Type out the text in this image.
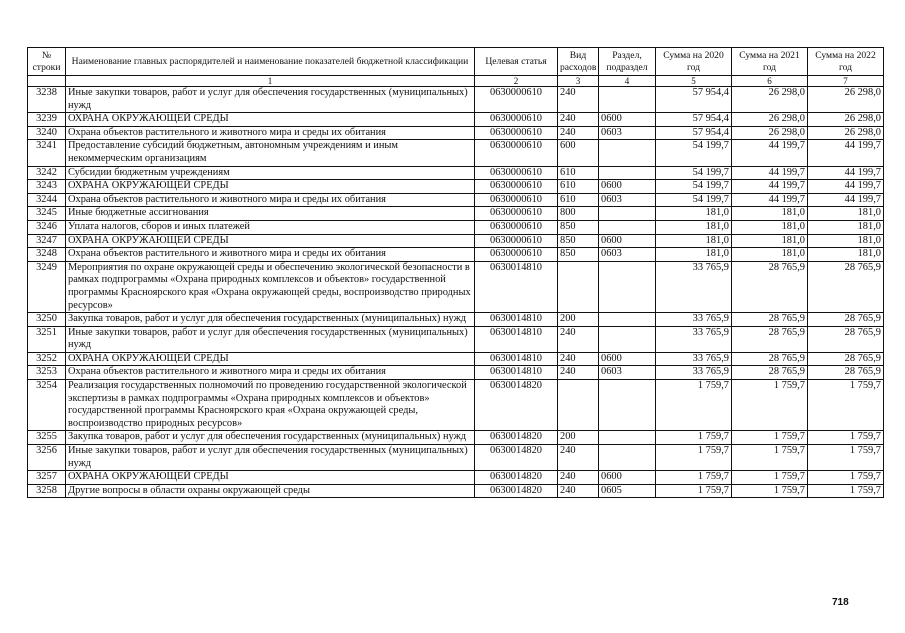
№ строки	Наименование главных распорядителей и наименование показателей бюджетной классификации	Целевая статья	Вид расходов	Раздел, подраздел	Сумма на 2020 год	Сумма на 2021 год	Сумма на 2022 год
	1	2	3	4	5	6	7
3238	Иные закупки товаров, работ и услуг для обеспечения государственных (муниципальных) нужд	0630000610	240		57 954,4	26 298,0	26 298,0
3239	ОХРАНА ОКРУЖАЮЩЕЙ СРЕДЫ	0630000610	240	0600	57 954,4	26 298,0	26 298,0
3240	Охрана объектов растительного и животного мира и среды их обитания	0630000610	240	0603	57 954,4	26 298,0	26 298,0
3241	Предоставление субсидий бюджетным, автономным учреждениям и иным некоммерческим организациям	0630000610	600		54 199,7	44 199,7	44 199,7
3242	Субсидии бюджетным учреждениям	0630000610	610		54 199,7	44 199,7	44 199,7
3243	ОХРАНА ОКРУЖАЮЩЕЙ СРЕДЫ	0630000610	610	0600	54 199,7	44 199,7	44 199,7
3244	Охрана объектов растительного и животного мира и среды их обитания	0630000610	610	0603	54 199,7	44 199,7	44 199,7
3245	Иные бюджетные ассигнования	0630000610	800		181,0	181,0	181,0
3246	Уплата налогов, сборов и иных платежей	0630000610	850		181,0	181,0	181,0
3247	ОХРАНА ОКРУЖАЮЩЕЙ СРЕДЫ	0630000610	850	0600	181,0	181,0	181,0
3248	Охрана объектов растительного и животного мира и среды их обитания	0630000610	850	0603	181,0	181,0	181,0
3249	Мероприятия по охране окружающей среды и обеспечению экологической безопасности в рамках подпрограммы «Охрана природных комплексов и объектов» государственной программы Красноярского края «Охрана окружающей среды, воспроизводство природных ресурсов»	0630014810			33 765,9	28 765,9	28 765,9
3250	Закупка товаров, работ и услуг для обеспечения государственных (муниципальных) нужд	0630014810	200		33 765,9	28 765,9	28 765,9
3251	Иные закупки товаров, работ и услуг для обеспечения государственных (муниципальных) нужд	0630014810	240		33 765,9	28 765,9	28 765,9
3252	ОХРАНА ОКРУЖАЮЩЕЙ СРЕДЫ	0630014810	240	0600	33 765,9	28 765,9	28 765,9
3253	Охрана объектов растительного и животного мира и среды их обитания	0630014810	240	0603	33 765,9	28 765,9	28 765,9
3254	Реализация государственных полномочий по проведению государственной экологической экспертизы в рамках подпрограммы «Охрана природных комплексов и объектов» государственной программы Красноярского края «Охрана окружающей среды, воспроизводство природных ресурсов»	0630014820			1 759,7	1 759,7	1 759,7
3255	Закупка товаров, работ и услуг для обеспечения государственных (муниципальных) нужд	0630014820	200		1 759,7	1 759,7	1 759,7
3256	Иные закупки товаров, работ и услуг для обеспечения государственных (муниципальных) нужд	0630014820	240		1 759,7	1 759,7	1 759,7
3257	ОХРАНА ОКРУЖАЮЩЕЙ СРЕДЫ	0630014820	240	0600	1 759,7	1 759,7	1 759,7
3258	Другие вопросы в области охраны окружающей среды	0630014820	240	0605	1 759,7	1 759,7	1 759,7
718
